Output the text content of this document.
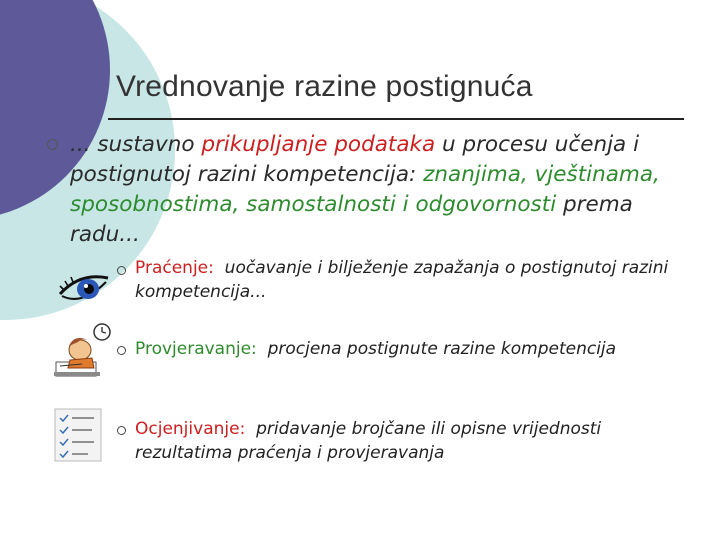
Vrednovanje razine postignuća
... sustavno prikupljanje podataka u procesu učenja i postignutoj razini kompetencija: znanjima, vještinama, sposobnostima, samostalnosti i odgovornosti prema radu...
Praćenje: uočavanje i bilježenje zapažanja o postignutoj razini kompetencija...
Provjeravanje: procjena postignute razine kompetencija
Ocjenjivanje: pridavanje brojčane ili opisne vrijednosti rezultatima praćenja i provjeravanja
